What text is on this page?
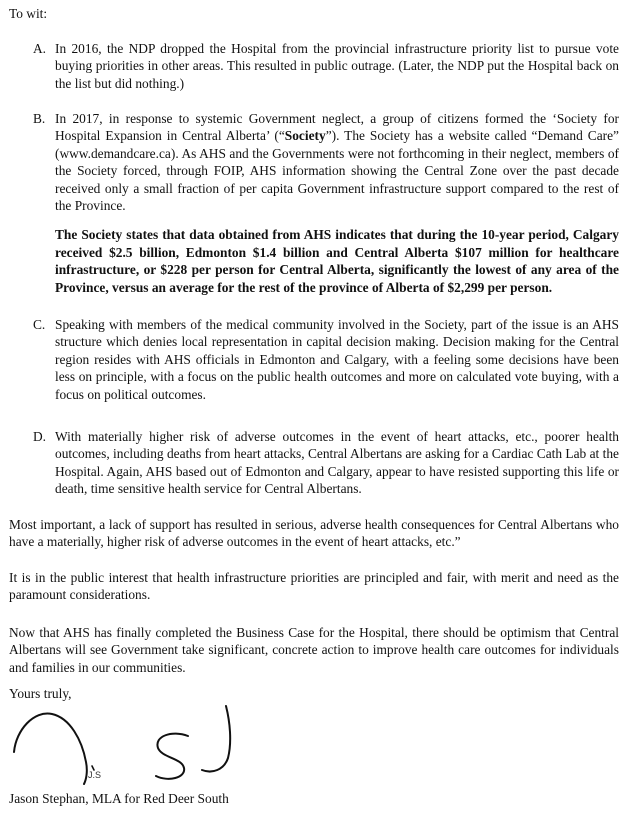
To wit:

A. In 2016, the NDP dropped the Hospital from the provincial infrastructure priority list to pursue vote buying priorities in other areas. This resulted in public outrage. (Later, the NDP put the Hospital back on the list but did nothing.)

B. In 2017, in response to systemic Government neglect, a group of citizens formed the ‘Society for Hospital Expansion in Central Alberta’ (“Society”). The Society has a website called “Demand Care” (www.demandcare.ca). As AHS and the Governments were not forthcoming in their neglect, members of the Society forced, through FOIP, AHS information showing the Central Zone over the past decade received only a small fraction of per capita Government infrastructure support compared to the rest of the Province.

The Society states that data obtained from AHS indicates that during the 10-year period, Calgary received $2.5 billion, Edmonton $1.4 billion and Central Alberta $107 million for healthcare infrastructure, or $228 per person for Central Alberta, significantly the lowest of any area of the Province, versus an average for the rest of the province of Alberta of $2,299 per person.

C. Speaking with members of the medical community involved in the Society, part of the issue is an AHS structure which denies local representation in capital decision making. Decision making for the Central region resides with AHS officials in Edmonton and Calgary, with a feeling some decisions have been less on principle, with a focus on the public health outcomes and more on calculated vote buying, with a focus on political outcomes.

D. With materially higher risk of adverse outcomes in the event of heart attacks, etc., poorer health outcomes, including deaths from heart attacks, Central Albertans are asking for a Cardiac Cath Lab at the Hospital. Again, AHS based out of Edmonton and Calgary, appear to have resisted supporting this life or death, time sensitive health service for Central Albertans.

Most important, a lack of support has resulted in serious, adverse health consequences for Central Albertans who have a materially, higher risk of adverse outcomes in the event of heart attacks, etc.”

It is in the public interest that health infrastructure priorities are principled and fair, with merit and need as the paramount considerations.

Now that AHS has finally completed the Business Case for the Hospital, there should be optimism that Central Albertans will see Government take significant, concrete action to improve health care outcomes for individuals and families in our communities.

Yours truly,

J.S

Jason Stephan, MLA for Red Deer South
